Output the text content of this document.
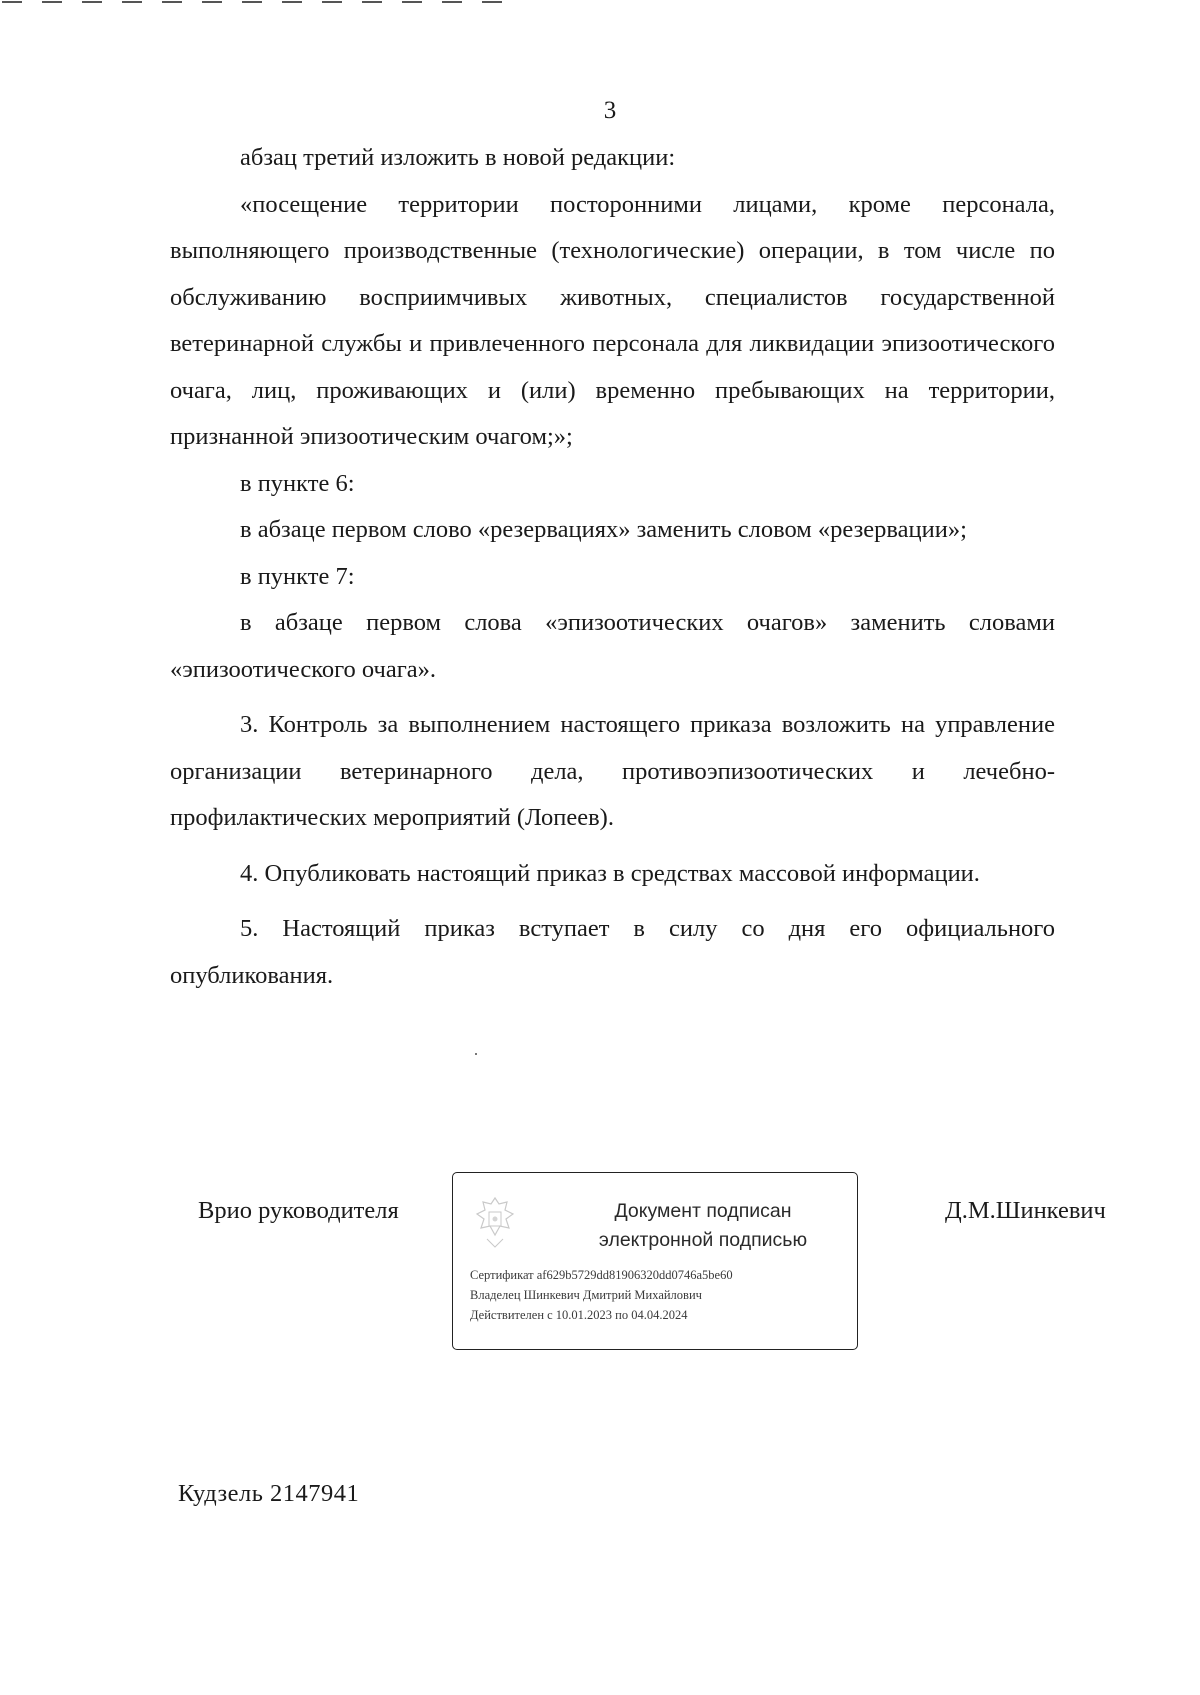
3

абзац третий изложить в новой редакции:

«посещение территории посторонними лицами, кроме персонала, выполняющего производственные (технологические) операции, в том числе по обслуживанию восприимчивых животных, специалистов государственной ветеринарной службы и привлеченного персонала для ликвидации эпизоотического очага, лиц, проживающих и (или) временно пребывающих на территории, признанной эпизоотическим очагом;»;

в пункте 6:

в абзаце первом слово «резервациях» заменить словом «резервации»;

в пункте 7:

в абзаце первом слова «эпизоотических очагов» заменить словами «эпизоотического очага».

3. Контроль за выполнением настоящего приказа возложить на управление организации ветеринарного дела, противоэпизоотических и лечебно-профилактических мероприятий (Лопеев).

4. Опубликовать настоящий приказ в средствах массовой информации.

5. Настоящий приказ вступает в силу со дня его официального опубликования.

Врио руководителя	Документ подписан
электронной подписью
Сертификат af629b5729dd81906320dd0746a5be60
Владелец Шинкевич Дмитрий Михайлович
Действителен с 10.01.2023 по 04.04.2024
Д.М.Шинкевич
Кудзель 2147941
